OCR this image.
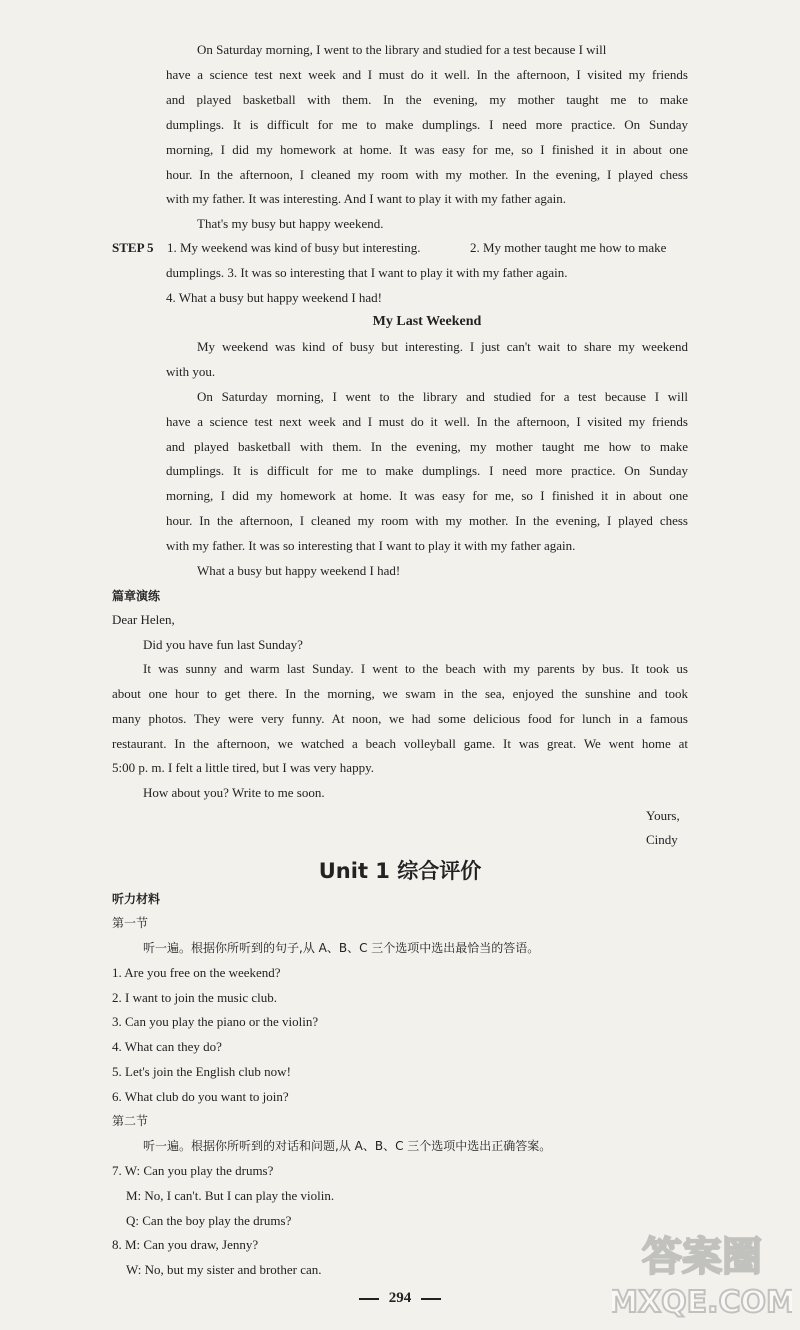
On Saturday morning, I went to the library and studied for a test because I will
have a science test next week and I must do it well. In the afternoon, I visited my friends
and played basketball with them. In the evening, my mother taught me to make
dumplings. It is difficult for me to make dumplings. I need more practice. On Sunday
morning, I did my homework at home. It was easy for me, so I finished it in about one
hour. In the afternoon, I cleaned my room with my mother. In the evening, I played chess
with my father. It was interesting. And I want to play it with my father again.
That's my busy but happy weekend.
STEP 5 1. My weekend was kind of busy but interesting.	2. My mother taught me how to make
dumplings. 3. It was so interesting that I want to play it with my father again.
4. What a busy but happy weekend I had!
My Last Weekend
My weekend was kind of busy but interesting. I just can't wait to share my weekend
with you.
On Saturday morning, I went to the library and studied for a test because I will
have a science test next week and I must do it well. In the afternoon, I visited my friends
and played basketball with them. In the evening, my mother taught me how to make
dumplings. It is difficult for me to make dumplings. I need more practice. On Sunday
morning, I did my homework at home. It was easy for me, so I finished it in about one
hour. In the afternoon, I cleaned my room with my mother. In the evening, I played chess
with my father. It was so interesting that I want to play it with my father again.
What a busy but happy weekend I had!
篇章演练
Dear Helen,
Did you have fun last Sunday?
It was sunny and warm last Sunday. I went to the beach with my parents by bus. It took us
about one hour to get there. In the morning, we swam in the sea, enjoyed the sunshine and took
many photos. They were very funny. At noon, we had some delicious food for lunch in a famous
restaurant. In the afternoon, we watched a beach volleyball game. It was great. We went home at
5:00 p. m. I felt a little tired, but I was very happy.
How about you? Write to me soon.
Yours,
Cindy
Unit 1 综合评价
听力材料
第一节
听一遍。根据你所听到的句子,从 A、B、C 三个选项中选出最恰当的答语。
1. Are you free on the weekend?
2. I want to join the music club.
3. Can you play the piano or the violin?
4. What can they do?
5. Let's join the English club now!
6. What club do you want to join?
第二节
听一遍。根据你所听到的对话和问题,从 A、B、C 三个选项中选出正确答案。
7. W: Can you play the drums?
M: No, I can't. But I can play the violin.
Q: Can the boy play the drums?
8. M: Can you draw, Jenny?
W: No, but my sister and brother can.
294
答案圈
MXQE.COM
